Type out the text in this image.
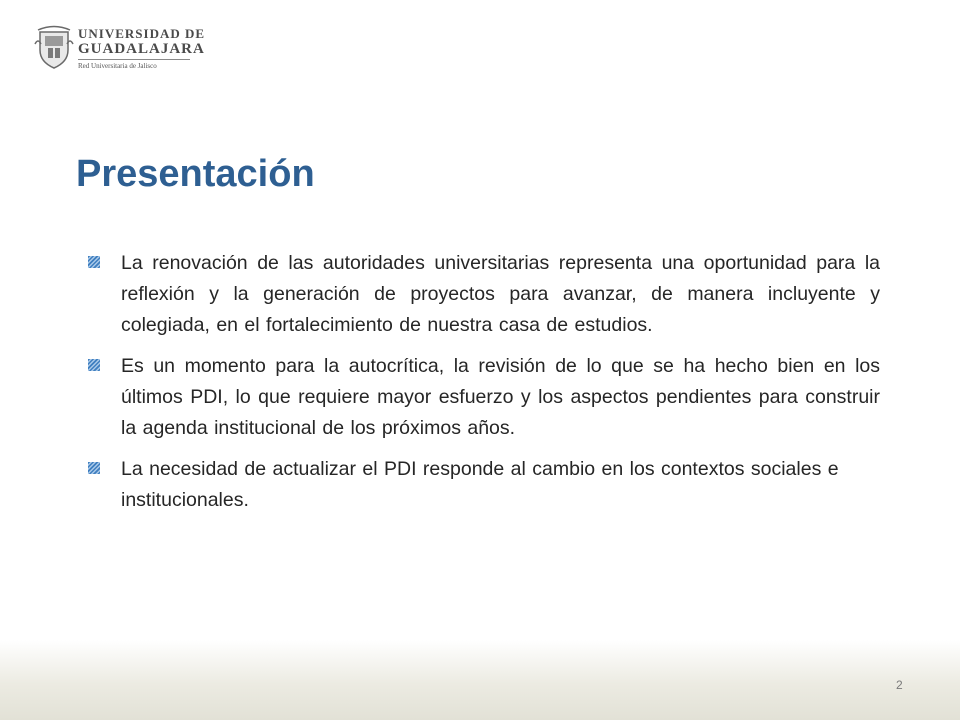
UNIVERSIDAD DE
GUADALAJARA
Red Universitaria de Jalisco
Presentación
La renovación de las autoridades universitarias representa una oportunidad para la reflexión y la generación de proyectos para avanzar, de manera incluyente y colegiada, en el fortalecimiento de nuestra casa de estudios.
Es un momento para la autocrítica, la revisión de lo que se ha hecho bien en los últimos PDI, lo que requiere mayor esfuerzo y los aspectos pendientes para construir la agenda institucional de los próximos años.
La necesidad de actualizar el PDI responde al cambio en los contextos sociales e institucionales.
2
